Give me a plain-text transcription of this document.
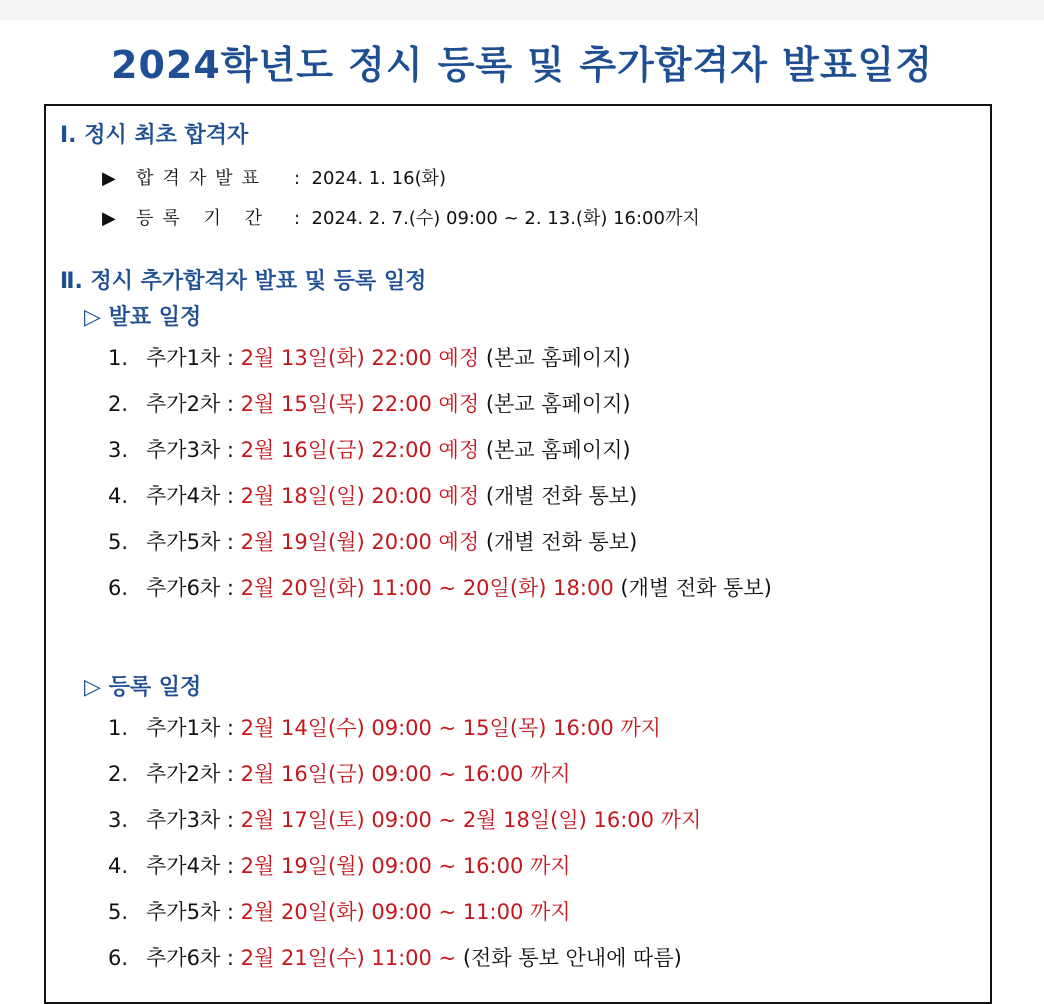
2024학년도 정시 등록 및 추가합격자 발표일정
Ⅰ. 정시 최초 합격자
▶ 합격자발표 : 2024. 1. 16(화)
▶ 등록 기 간 : 2024. 2. 7.(수) 09:00 ~ 2. 13.(화) 16:00까지
Ⅱ. 정시 추가합격자 발표 및 등록 일정
▷ 발표 일정
1. 추가1차 : 2월 13일(화) 22:00 예정 (본교 홈페이지)
2. 추가2차 : 2월 15일(목) 22:00 예정 (본교 홈페이지)
3. 추가3차 : 2월 16일(금) 22:00 예정 (본교 홈페이지)
4. 추가4차 : 2월 18일(일) 20:00 예정 (개별 전화 통보)
5. 추가5차 : 2월 19일(월) 20:00 예정 (개별 전화 통보)
6. 추가6차 : 2월 20일(화) 11:00 ~ 20일(화) 18:00 (개별 전화 통보)
▷ 등록 일정
1. 추가1차 : 2월 14일(수) 09:00 ~ 15일(목) 16:00 까지
2. 추가2차 : 2월 16일(금) 09:00 ~ 16:00 까지
3. 추가3차 : 2월 17일(토) 09:00 ~ 2월 18일(일) 16:00 까지
4. 추가4차 : 2월 19일(월) 09:00 ~ 16:00 까지
5. 추가5차 : 2월 20일(화) 09:00 ~ 11:00 까지
6. 추가6차 : 2월 21일(수) 11:00 ~ (전화 통보 안내에 따름)
